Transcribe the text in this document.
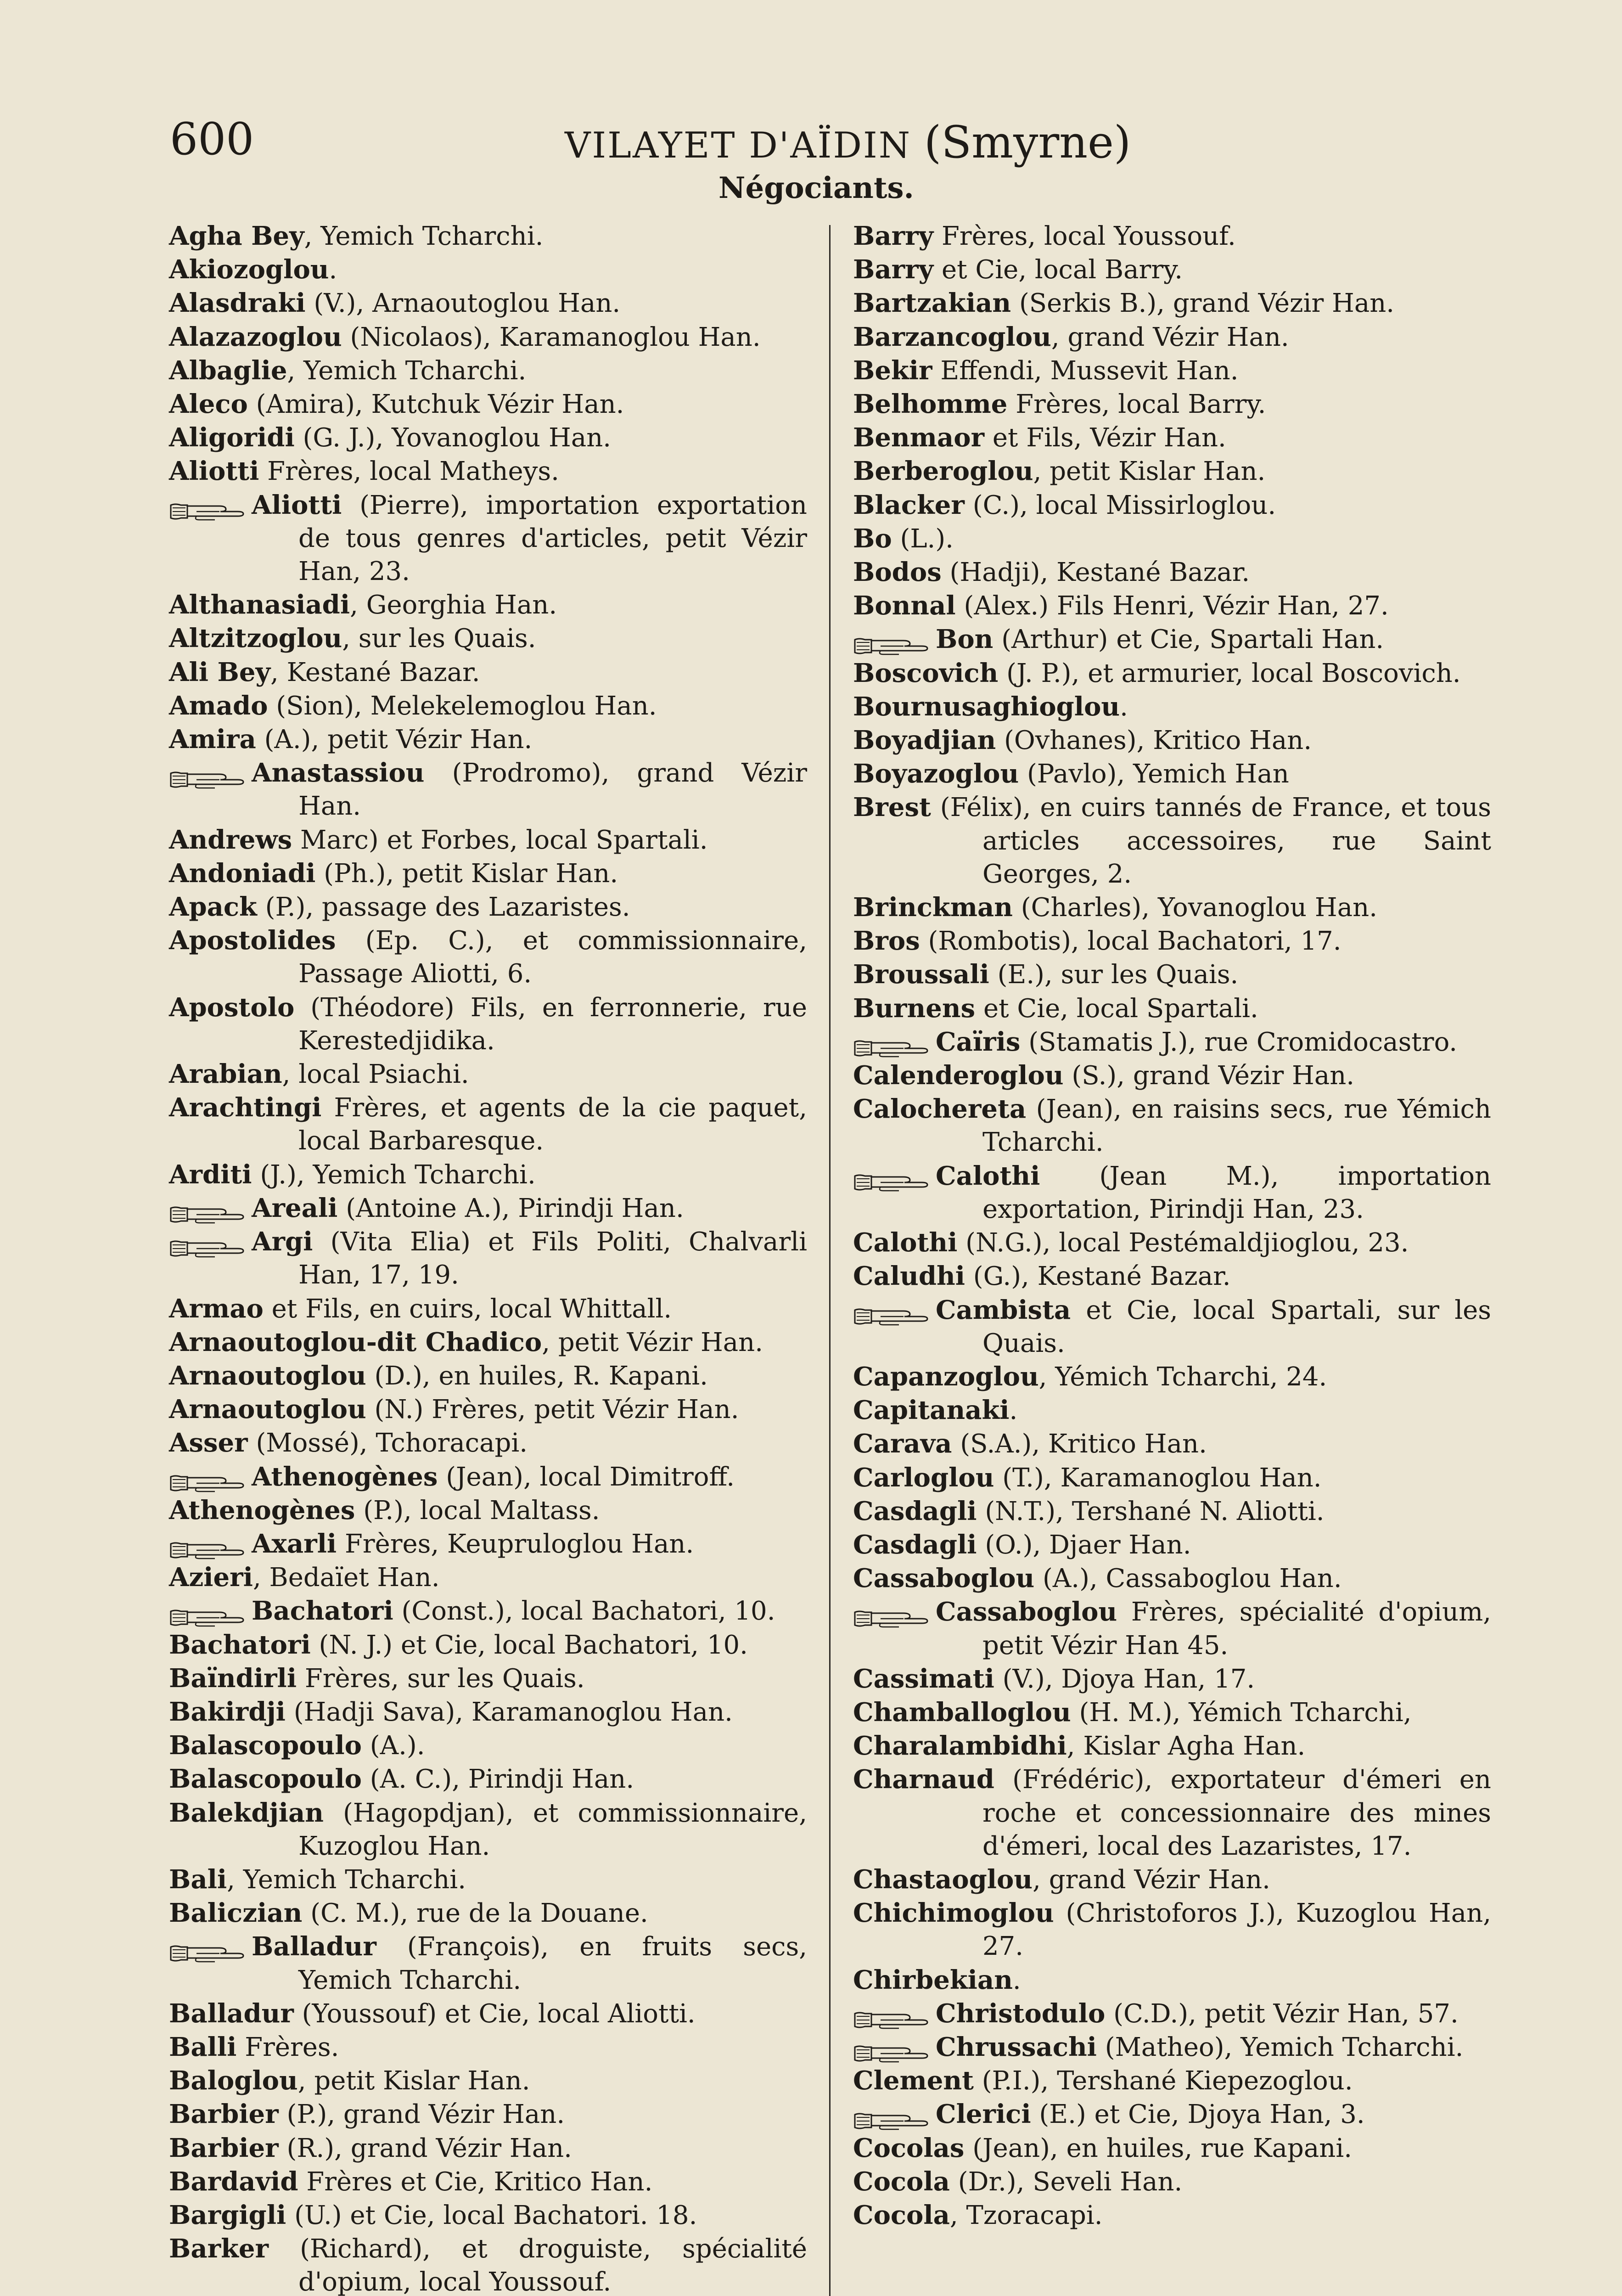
600	VILAYET D'AÏDIN (Smyrne)
Négociants.
Agha Bey, Yemich Tcharchi.
Akiozoglou.
Alasdraki (V.), Arnaoutoglou Han.
Alazazoglou (Nicolaos), Karamanoglou Han.
Albaglie, Yemich Tcharchi.
Aleco (Amira), Kutchuk Vézir Han.
Aligoridi (G. J.), Yovanoglou Han.
Aliotti Frères, local Matheys.
Aliotti (Pierre), importation exportation de tous genres d'articles, petit Vézir Han, 23.
Althanasiadi, Georghia Han.
Altzitzoglou, sur les Quais.
Ali Bey, Kestané Bazar.
Amado (Sion), Melekelemoglou Han.
Amira (A.), petit Vézir Han.
Anastassiou (Prodromo), grand Vézir Han.
Andrews Marc) et Forbes, local Spartali.
Andoniadi (Ph.), petit Kislar Han.
Apack (P.), passage des Lazaristes.
Apostolides (Ep. C.), et commissionnaire, Passage Aliotti, 6.
Apostolo (Théodore) Fils, en ferronnerie, rue Kerestedjidika.
Arabian, local Psiachi.
Arachtingi Frères, et agents de la cie paquet, local Barbaresque.
Arditi (J.), Yemich Tcharchi.
Areali (Antoine A.), Pirindji Han.
Argi (Vita Elia) et Fils Politi, Chalvarli Han, 17, 19.
Armao et Fils, en cuirs, local Whittall.
Arnaoutoglou-dit Chadico, petit Vézir Han.
Arnaoutoglou (D.), en huiles, R. Kapani.
Arnaoutoglou (N.) Frères, petit Vézir Han.
Asser (Mossé), Tchoracapi.
Athenogènes (Jean), local Dimitroff.
Athenogènes (P.), local Maltass.
Axarli Frères, Keupruloglou Han.
Azieri, Bedaïet Han.
Bachatori (Const.), local Bachatori, 10.
Bachatori (N. J.) et Cie, local Bachatori, 10.
Baïndirli Frères, sur les Quais.
Bakirdji (Hadji Sava), Karamanoglou Han.
Balascopoulo (A.).
Balascopoulo (A. C.), Pirindji Han.
Balekdjian (Hagopdjan), et commissionnaire, Kuzoglou Han.
Bali, Yemich Tcharchi.
Baliczian (C. M.), rue de la Douane.
Balladur (François), en fruits secs, Yemich Tcharchi.
Balladur (Youssouf) et Cie, local Aliotti.
Balli Frères.
Baloglou, petit Kislar Han.
Barbier (P.), grand Vézir Han.
Barbier (R.), grand Vézir Han.
Bardavid Frères et Cie, Kritico Han.
Bargigli (U.) et Cie, local Bachatori. 18.
Barker (Richard), et droguiste, spécialité d'opium, local Youssouf.
Barry Frères, local Youssouf.
Barry et Cie, local Barry.
Bartzakian (Serkis B.), grand Vézir Han.
Barzancoglou, grand Vézir Han.
Bekir Effendi, Mussevit Han.
Belhomme Frères, local Barry.
Benmaor et Fils, Vézir Han.
Berberoglou, petit Kislar Han.
Blacker (C.), local Missirloglou.
Bo (L.).
Bodos (Hadji), Kestané Bazar.
Bonnal (Alex.) Fils Henri, Vézir Han, 27.
Bon (Arthur) et Cie, Spartali Han.
Boscovich (J. P.), et armurier, local Boscovich.
Bournusaghioglou.
Boyadjian (Ovhanes), Kritico Han.
Boyazoglou (Pavlo), Yemich Han
Brest (Félix), en cuirs tannés de France, et tous articles accessoires, rue Saint Georges, 2.
Brinckman (Charles), Yovanoglou Han.
Bros (Rombotis), local Bachatori, 17.
Broussali (E.), sur les Quais.
Burnens et Cie, local Spartali.
Caïris (Stamatis J.), rue Cromidocastro.
Calenderoglou (S.), grand Vézir Han.
Calochereta (Jean), en raisins secs, rue Yémich Tcharchi.
Calothi (Jean M.), importation exportation, Pirindji Han, 23.
Calothi (N.G.), local Pestémaldjioglou, 23.
Caludhi (G.), Kestané Bazar.
Cambista et Cie, local Spartali, sur les Quais.
Capanzoglou, Yémich Tcharchi, 24.
Capitanaki.
Carava (S.A.), Kritico Han.
Carloglou (T.), Karamanoglou Han.
Casdagli (N.T.), Tershané N. Aliotti.
Casdagli (O.), Djaer Han.
Cassaboglou (A.), Cassaboglou Han.
Cassaboglou Frères, spécialité d'opium, petit Vézir Han 45.
Cassimati (V.), Djoya Han, 17.
Chamballoglou (H. M.), Yémich Tcharchi,
Charalambidhi, Kislar Agha Han.
Charnaud (Frédéric), exportateur d'émeri en roche et concessionnaire des mines d'émeri, local des Lazaristes, 17.
Chastaoglou, grand Vézir Han.
Chichimoglou (Christoforos J.), Kuzoglou Han, 27.
Chirbekian.
Christodulo (C.D.), petit Vézir Han, 57.
Chrussachi (Matheo), Yemich Tcharchi.
Clement (P.I.), Tershané Kiepezoglou.
Clerici (E.) et Cie, Djoya Han, 3.
Cocolas (Jean), en huiles, rue Kapani.
Cocola (Dr.), Seveli Han.
Cocola, Tzoracapi.
